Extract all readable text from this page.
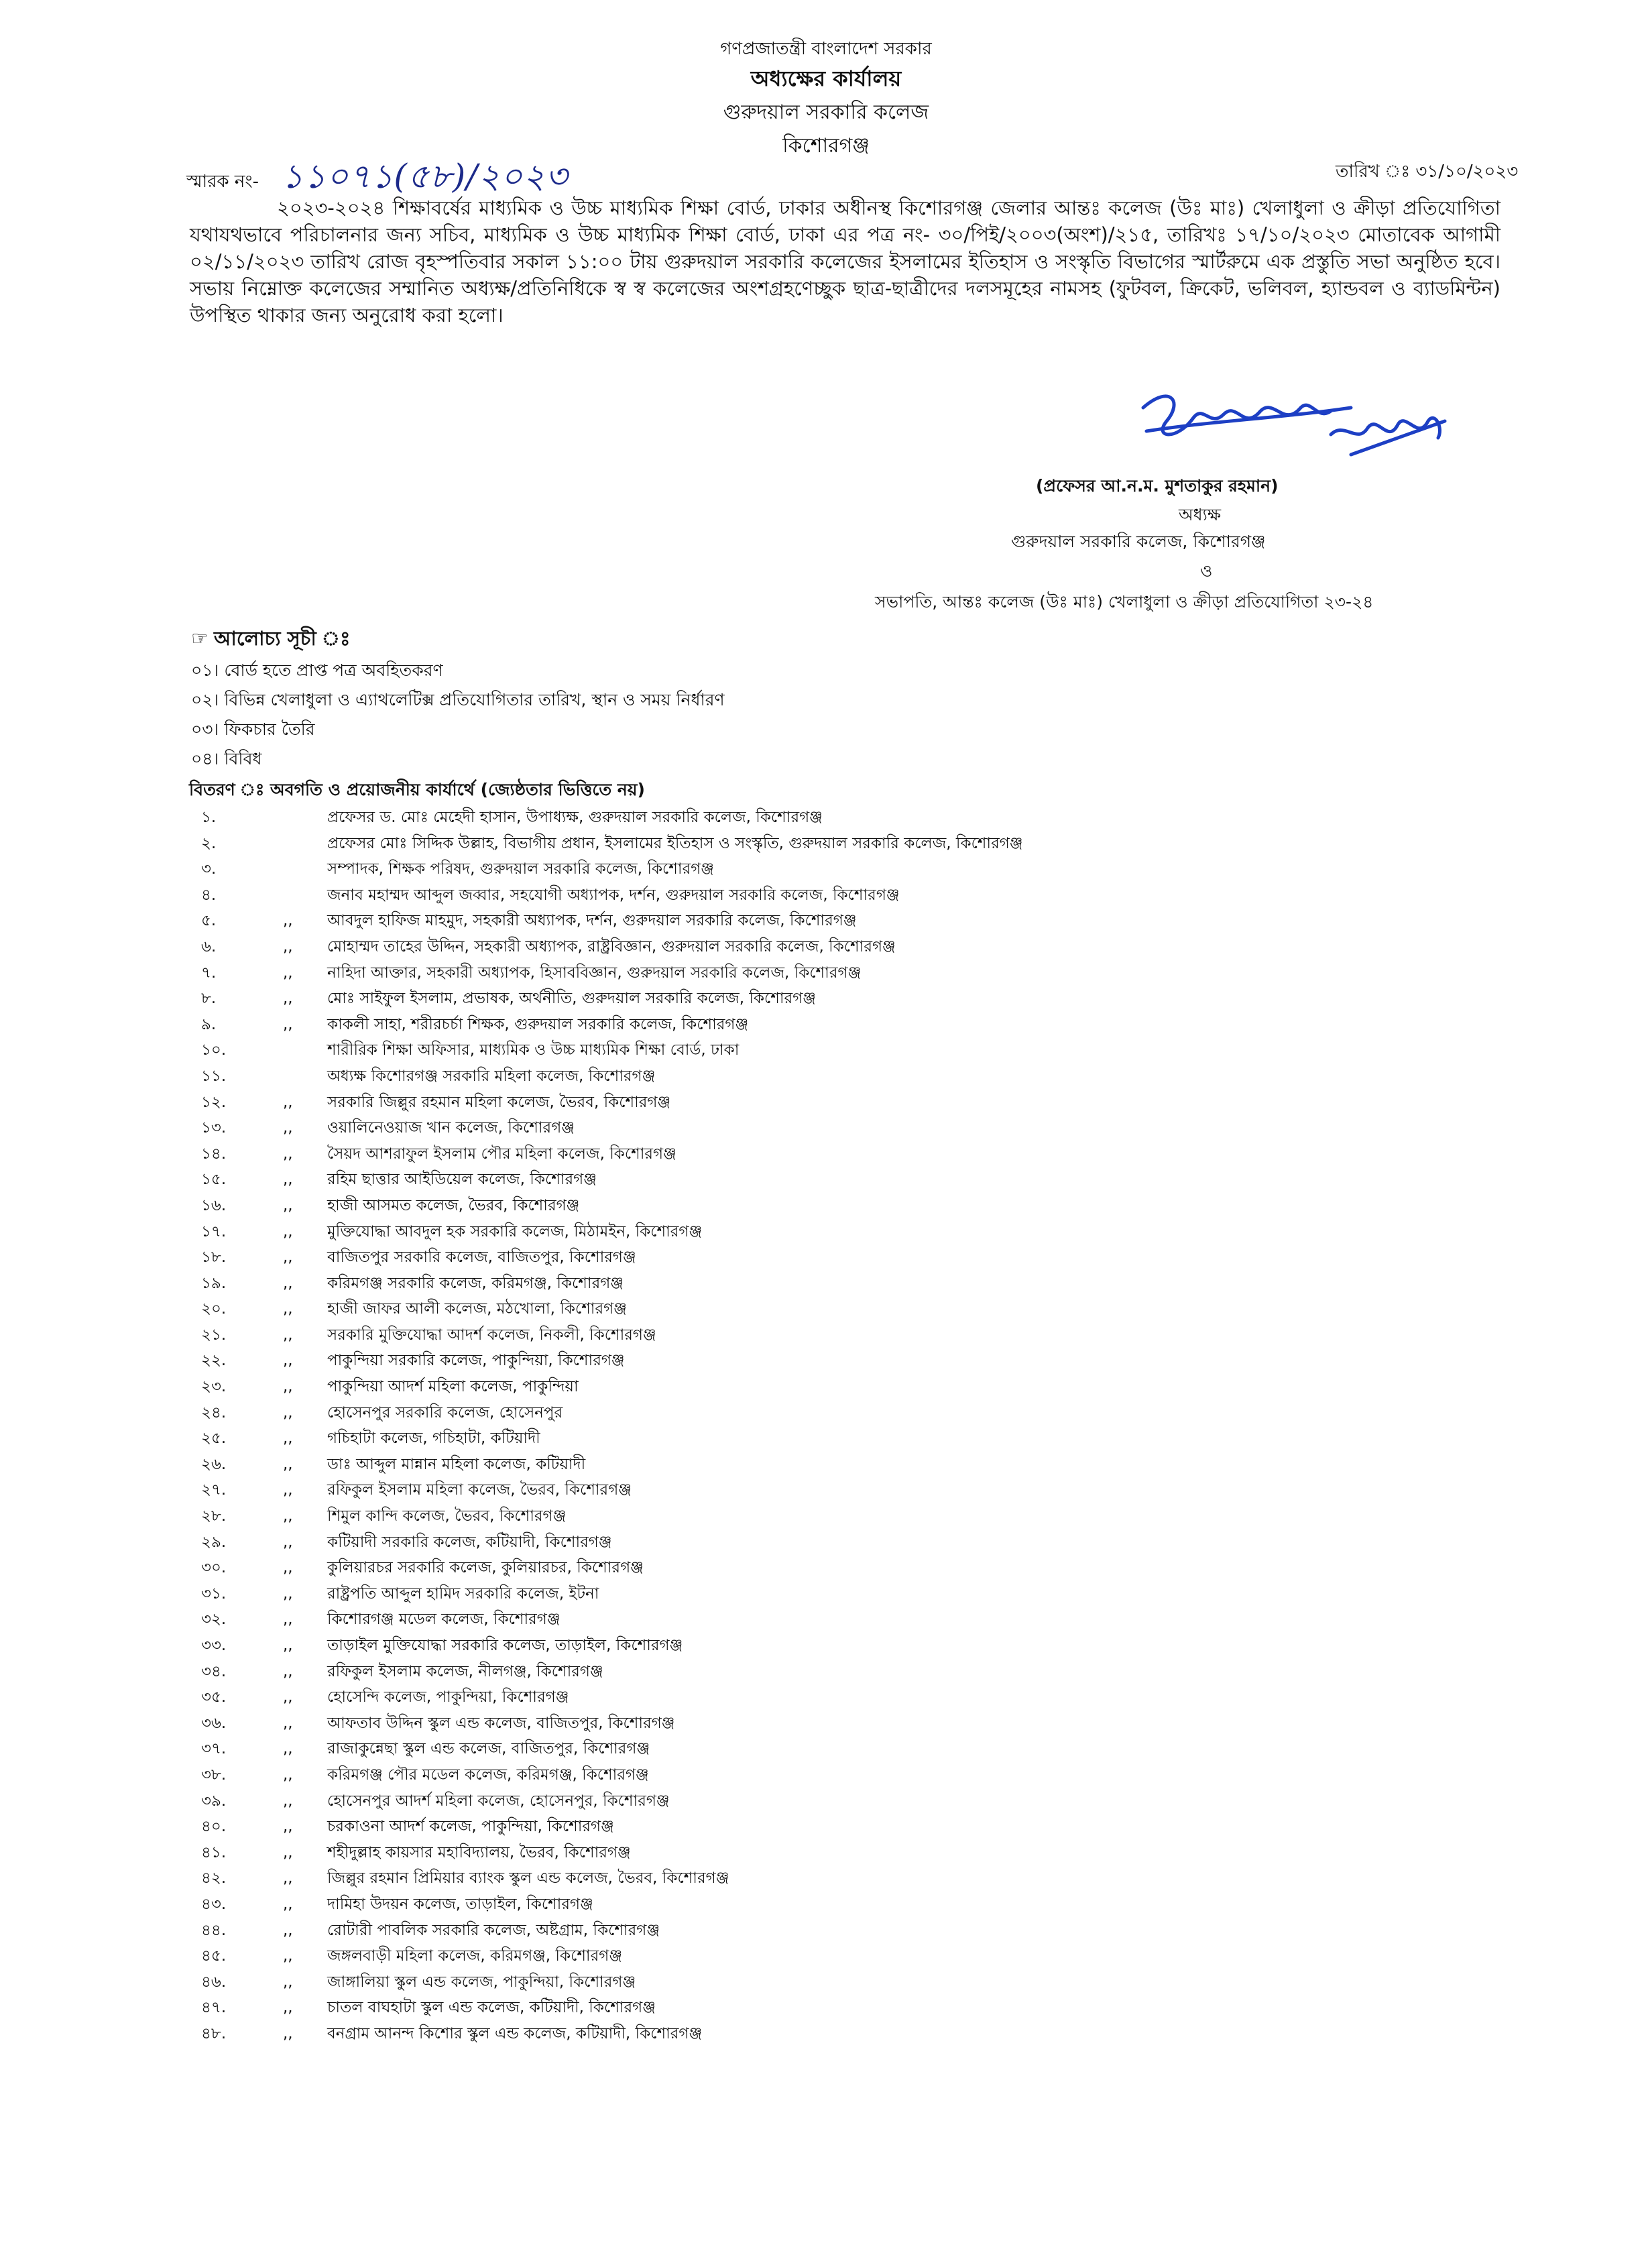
গণপ্রজাতন্ত্রী বাংলাদেশ সরকার
অধ্যক্ষের কার্যালয়
গুরুদয়াল সরকারি কলেজ
কিশোরগঞ্জ
স্মারক নং- ১১০৭১(৫৮)/২০২৩	তারিখ ঃ ৩১/১০/২০২৩

২০২৩-২০২৪ শিক্ষাবর্ষের মাধ্যমিক ও উচ্চ মাধ্যমিক শিক্ষা বোর্ড, ঢাকার অধীনস্থ কিশোরগঞ্জ জেলার আন্তঃ কলেজ (উঃ মাঃ) খেলাধুলা ও ক্রীড়া প্রতিযোগিতা যথাযথভাবে পরিচালনার জন্য সচিব, মাধ্যমিক ও উচ্চ মাধ্যমিক শিক্ষা বোর্ড, ঢাকা এর পত্র নং- ৩০/পিই/২০০৩(অংশ)/২১৫, তারিখঃ ১৭/১০/২০২৩ মোতাবেক আগামী ০২/১১/২০২৩ তারিখ রোজ বৃহস্পতিবার সকাল ১১:০০ টায় গুরুদয়াল সরকারি কলেজের ইসলামের ইতিহাস ও সংস্কৃতি বিভাগের স্মার্টরুমে এক প্রস্তুতি সভা অনুষ্ঠিত হবে। সভায় নিম্নোক্ত কলেজের সম্মানিত অধ্যক্ষ/প্রতিনিধিকে স্ব স্ব কলেজের অংশগ্রহণেচ্ছুক ছাত্র-ছাত্রীদের দলসমূহের নামসহ (ফুটবল, ক্রিকেট, ভলিবল, হ্যান্ডবল ও ব্যাডমিন্টন) উপস্থিত থাকার জন্য অনুরোধ করা হলো।

(প্রফেসর আ.ন.ম. মুশতাকুর রহমান)
অধ্যক্ষ
গুরুদয়াল সরকারি কলেজ, কিশোরগঞ্জ
ও
সভাপতি, আন্তঃ কলেজ (উঃ মাঃ) খেলাধুলা ও ক্রীড়া প্রতিযোগিতা ২৩-২৪
☞ আলোচ্য সূচী ঃ
০১। বোর্ড হতে প্রাপ্ত পত্র অবহিতকরণ
০২। বিভিন্ন খেলাধুলা ও এ্যাথলেটিক্স প্রতিযোগিতার তারিখ, স্থান ও সময় নির্ধারণ
০৩। ফিকচার তৈরি
০৪। বিবিধ
বিতরণ ঃ অবগতি ও প্রয়োজনীয় কার্যার্থে (জ্যেষ্ঠতার ভিত্তিতে নয়)
১.	প্রফেসর ড. মোঃ মেহেদী হাসান, উপাধ্যক্ষ, গুরুদয়াল সরকারি কলেজ, কিশোরগঞ্জ
২.	প্রফেসর মোঃ সিদ্দিক উল্লাহ, বিভাগীয় প্রধান, ইসলামের ইতিহাস ও সংস্কৃতি, গুরুদয়াল সরকারি কলেজ, কিশোরগঞ্জ
৩.	সম্পাদক, শিক্ষক পরিষদ, গুরুদয়াল সরকারি কলেজ, কিশোরগঞ্জ
৪.	জনাব মহাম্মদ আব্দুল জব্বার, সহযোগী অধ্যাপক, দর্শন, গুরুদয়াল সরকারি কলেজ, কিশোরগঞ্জ
৫.	,, আবদুল হাফিজ মাহমুদ, সহকারী অধ্যাপক, দর্শন, গুরুদয়াল সরকারি কলেজ, কিশোরগঞ্জ
৬.	,, মোহাম্মদ তাহের উদ্দিন, সহকারী অধ্যাপক, রাষ্ট্রবিজ্ঞান, গুরুদয়াল সরকারি কলেজ, কিশোরগঞ্জ
৭.	,, নাহিদা আক্তার, সহকারী অধ্যাপক, হিসাববিজ্ঞান, গুরুদয়াল সরকারি কলেজ, কিশোরগঞ্জ
৮.	,, মোঃ সাইফুল ইসলাম, প্রভাষক, অর্থনীতি, গুরুদয়াল সরকারি কলেজ, কিশোরগঞ্জ
৯.	,, কাকলী সাহা, শরীরচর্চা শিক্ষক, গুরুদয়াল সরকারি কলেজ, কিশোরগঞ্জ
১০.	শারীরিক শিক্ষা অফিসার, মাধ্যমিক ও উচ্চ মাধ্যমিক শিক্ষা বোর্ড, ঢাকা
১১.	অধ্যক্ষ কিশোরগঞ্জ সরকারি মহিলা কলেজ, কিশোরগঞ্জ
১২.	,, সরকারি জিল্লুর রহমান মহিলা কলেজ, ভৈরব, কিশোরগঞ্জ
১৩.	,, ওয়ালিনেওয়াজ খান কলেজ, কিশোরগঞ্জ
১৪.	,, সৈয়দ আশরাফুল ইসলাম পৌর মহিলা কলেজ, কিশোরগঞ্জ
১৫.	,, রহিম ছাত্তার আইডিয়েল কলেজ, কিশোরগঞ্জ
১৬.	,, হাজী আসমত কলেজ, ভৈরব, কিশোরগঞ্জ
১৭.	,, মুক্তিযোদ্ধা আবদুল হক সরকারি কলেজ, মিঠামইন, কিশোরগঞ্জ
১৮.	,, বাজিতপুর সরকারি কলেজ, বাজিতপুর, কিশোরগঞ্জ
১৯.	,, করিমগঞ্জ সরকারি কলেজ, করিমগঞ্জ, কিশোরগঞ্জ
২০.	,, হাজী জাফর আলী কলেজ, মঠখোলা, কিশোরগঞ্জ
২১.	,, সরকারি মুক্তিযোদ্ধা আদর্শ কলেজ, নিকলী, কিশোরগঞ্জ
২২.	,, পাকুন্দিয়া সরকারি কলেজ, পাকুন্দিয়া, কিশোরগঞ্জ
২৩.	,, পাকুন্দিয়া আদর্শ মহিলা কলেজ, পাকুন্দিয়া
২৪.	,, হোসেনপুর সরকারি কলেজ, হোসেনপুর
২৫.	,, গচিহাটা কলেজ, গচিহাটা, কটিয়াদী
২৬.	,, ডাঃ আব্দুল মান্নান মহিলা কলেজ, কটিয়াদী
২৭.	,, রফিকুল ইসলাম মহিলা কলেজ, ভৈরব, কিশোরগঞ্জ
২৮.	,, শিমুল কান্দি কলেজ, ভৈরব, কিশোরগঞ্জ
২৯.	,, কটিয়াদী সরকারি কলেজ, কটিয়াদী, কিশোরগঞ্জ
৩০.	,, কুলিয়ারচর সরকারি কলেজ, কুলিয়ারচর, কিশোরগঞ্জ
৩১.	,, রাষ্ট্রপতি আব্দুল হামিদ সরকারি কলেজ, ইটনা
৩২.	,, কিশোরগঞ্জ মডেল কলেজ, কিশোরগঞ্জ
৩৩.	,, তাড়াইল মুক্তিযোদ্ধা সরকারি কলেজ, তাড়াইল, কিশোরগঞ্জ
৩৪.	,, রফিকুল ইসলাম কলেজ, নীলগঞ্জ, কিশোরগঞ্জ
৩৫.	,, হোসেন্দি কলেজ, পাকুন্দিয়া, কিশোরগঞ্জ
৩৬.	,, আফতাব উদ্দিন স্কুল এন্ড কলেজ, বাজিতপুর, কিশোরগঞ্জ
৩৭.	,, রাজাকুন্নেছা স্কুল এন্ড কলেজ, বাজিতপুর, কিশোরগঞ্জ
৩৮.	,, করিমগঞ্জ পৌর মডেল কলেজ, করিমগঞ্জ, কিশোরগঞ্জ
৩৯.	,, হোসেনপুর আদর্শ মহিলা কলেজ, হোসেনপুর, কিশোরগঞ্জ
৪০.	,, চরকাওনা আদর্শ কলেজ, পাকুন্দিয়া, কিশোরগঞ্জ
৪১.	,, শহীদুল্লাহ কায়সার মহাবিদ্যালয়, ভৈরব, কিশোরগঞ্জ
৪২.	,, জিল্লুর রহমান প্রিমিয়ার ব্যাংক স্কুল এন্ড কলেজ, ভৈরব, কিশোরগঞ্জ
৪৩.	,, দামিহা উদয়ন কলেজ, তাড়াইল, কিশোরগঞ্জ
৪৪.	,, রোটারী পাবলিক সরকারি কলেজ, অষ্টগ্রাম, কিশোরগঞ্জ
৪৫.	,, জঙ্গলবাড়ী মহিলা কলেজ, করিমগঞ্জ, কিশোরগঞ্জ
৪৬.	,, জাঙ্গালিয়া স্কুল এন্ড কলেজ, পাকুন্দিয়া, কিশোরগঞ্জ
৪৭.	,, চাতল বাঘহাটা স্কুল এন্ড কলেজ, কটিয়াদী, কিশোরগঞ্জ
৪৮.	,, বনগ্রাম আনন্দ কিশোর স্কুল এন্ড কলেজ, কটিয়াদী, কিশোরগঞ্জ
